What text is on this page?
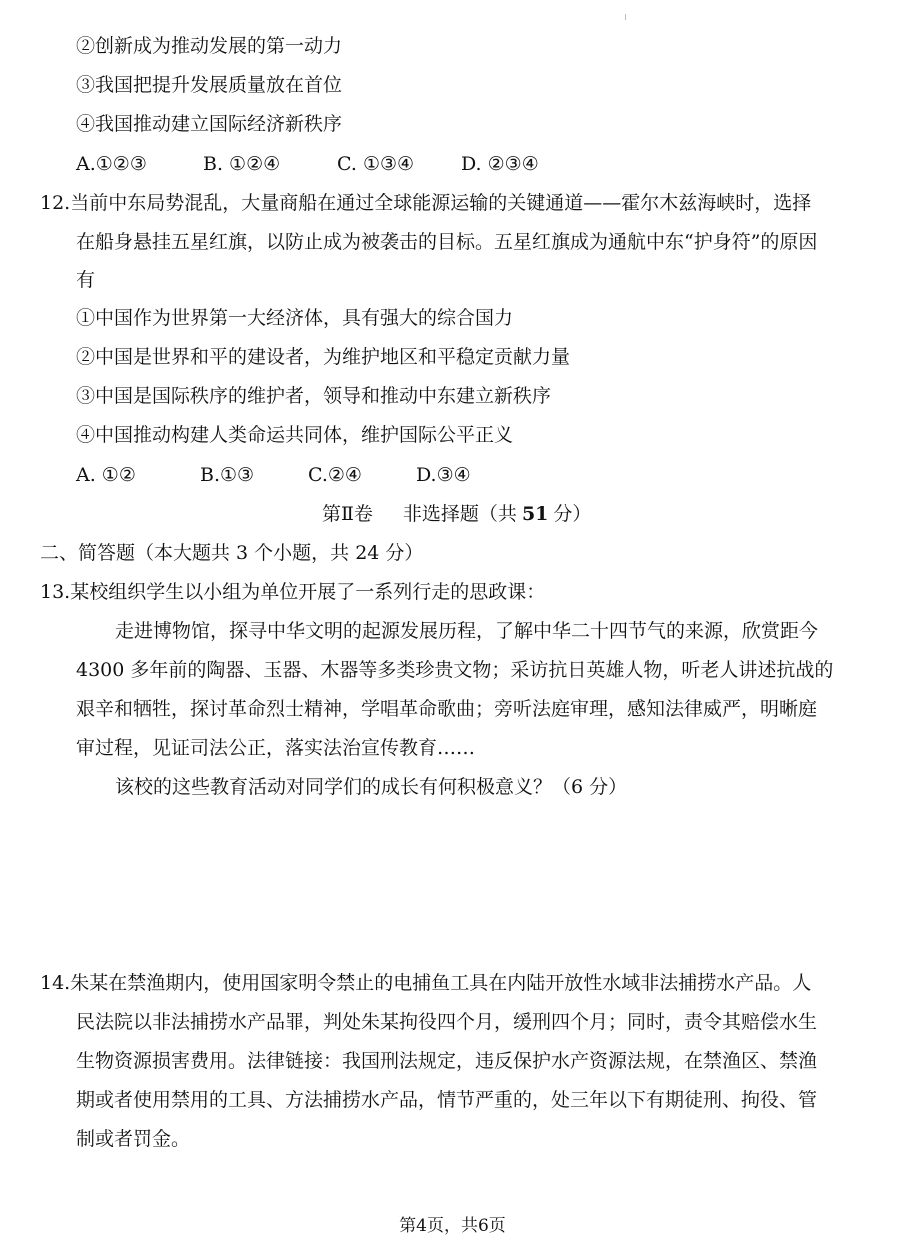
②创新成为推动发展的第一动力
③我国把提升发展质量放在首位
④我国推动建立国际经济新秩序
A.①②③	B. ①②④	C. ①③④ D. ②③④
12.当前中东局势混乱，大量商船在通过全球能源运输的关键通道——霍尔木兹海峡时，选择
在船身悬挂五星红旗，以防止成为被袭击的目标。五星红旗成为通航中东“护身符”的原因
有
①中国作为世界第一大经济体，具有强大的综合国力
②中国是世界和平的建设者，为维护地区和平稳定贡献力量
③中国是国际秩序的维护者，领导和推动中东建立新秩序
④中国推动构建人类命运共同体，维护国际公平正义
A. ①②	B.①③	C.②④	D.③④
第Ⅱ卷 非选择题（共 51 分）
二、简答题（本大题共 3 个小题，共 24 分）
13.某校组织学生以小组为单位开展了一系列行走的思政课：
走进博物馆，探寻中华文明的起源发展历程，了解中华二十四节气的来源，欣赏距今
4300 多年前的陶器、玉器、木器等多类珍贵文物；采访抗日英雄人物，听老人讲述抗战的
艰辛和牺牲，探讨革命烈士精神，学唱革命歌曲；旁听法庭审理，感知法律威严，明晰庭
审过程，见证司法公正，落实法治宣传教育……
该校的这些教育活动对同学们的成长有何积极意义？（6 分）
14.朱某在禁渔期内，使用国家明令禁止的电捕鱼工具在内陆开放性水域非法捕捞水产品。人
民法院以非法捕捞水产品罪，判处朱某拘役四个月，缓刑四个月；同时，责令其赔偿水生
生物资源损害费用。法律链接：我国刑法规定，违反保护水产资源法规，在禁渔区、禁渔
期或者使用禁用的工具、方法捕捞水产品，情节严重的，处三年以下有期徒刑、拘役、管
制或者罚金。
第4页，共6页
